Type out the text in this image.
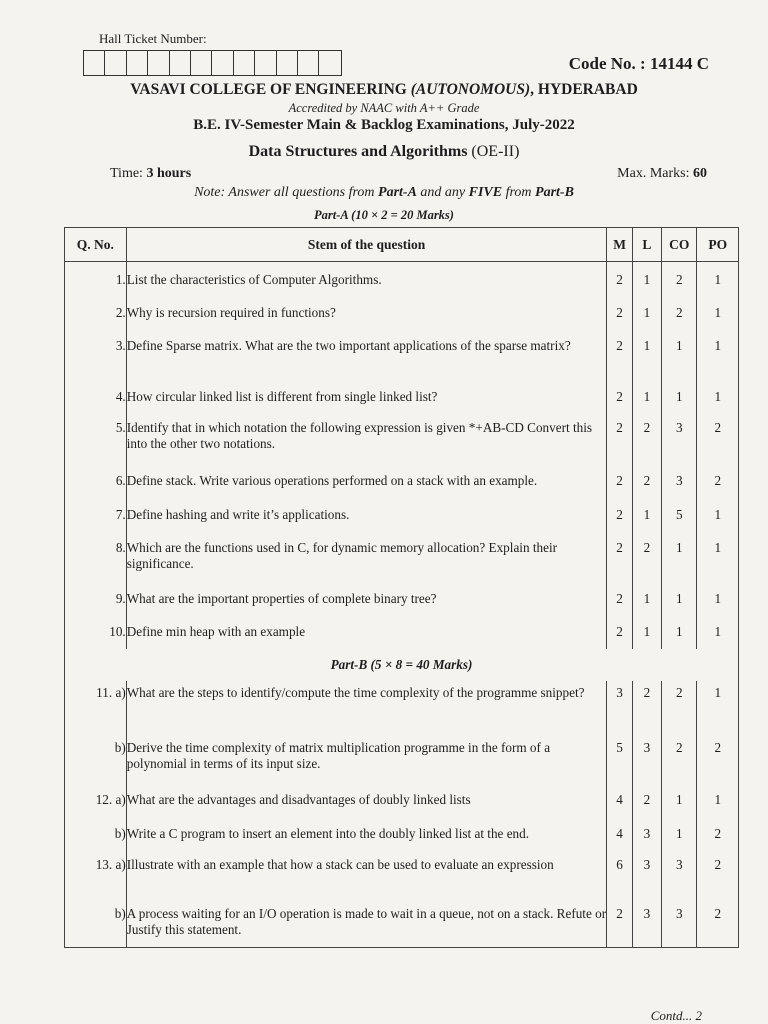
Hall Ticket Number:
Code No. : 14144 C
VASAVI COLLEGE OF ENGINEERING (AUTONOMOUS), HYDERABAD
Accredited by NAAC with A++ Grade
B.E. IV-Semester Main & Backlog Examinations, July-2022
Data Structures and Algorithms (OE-II)
Time: 3 hours	Max. Marks: 60
Note: Answer all questions from Part-A and any FIVE from Part-B
Part-A (10 × 2 = 20 Marks)
Q. No.	Stem of the question	M	L	CO	PO
1.	List the characteristics of Computer Algorithms.	2	1	2	1
2.	Why is recursion required in functions?	2	1	2	1
3.	Define Sparse matrix. What are the two important applications of the sparse matrix?	2	1	1	1
4.	How circular linked list is different from single linked list?	2	1	1	1
5.	Identify that in which notation the following expression is given *+AB-CD Convert this into the other two notations.	2	2	3	2
6.	Define stack. Write various operations performed on a stack with an example.	2	2	3	2
7.	Define hashing and write it’s applications.	2	1	5	1
8.	Which are the functions used in C, for dynamic memory allocation? Explain their significance.	2	2	1	1
9.	What are the important properties of complete binary tree?	2	1	1	1
10.	Define min heap with an example	2	1	1	1
Part-B (5 × 8 = 40 Marks)					
11. a)	What are the steps to identify/compute the time complexity of the programme snippet?	3	2	2	1
b)	Derive the time complexity of matrix multiplication programme in the form of a polynomial in terms of its input size.	5	3	2	2
12. a)	What are the advantages and disadvantages of doubly linked lists	4	2	1	1
b)	Write a C program to insert an element into the doubly linked list at the end.	4	3	1	2
13. a)	Illustrate with an example that how a stack can be used to evaluate an expression	6	3	3	2
b)	A process waiting for an I/O operation is made to wait in a queue, not on a stack. Refute or Justify this statement.	2	3	3	2
Contd... 2
